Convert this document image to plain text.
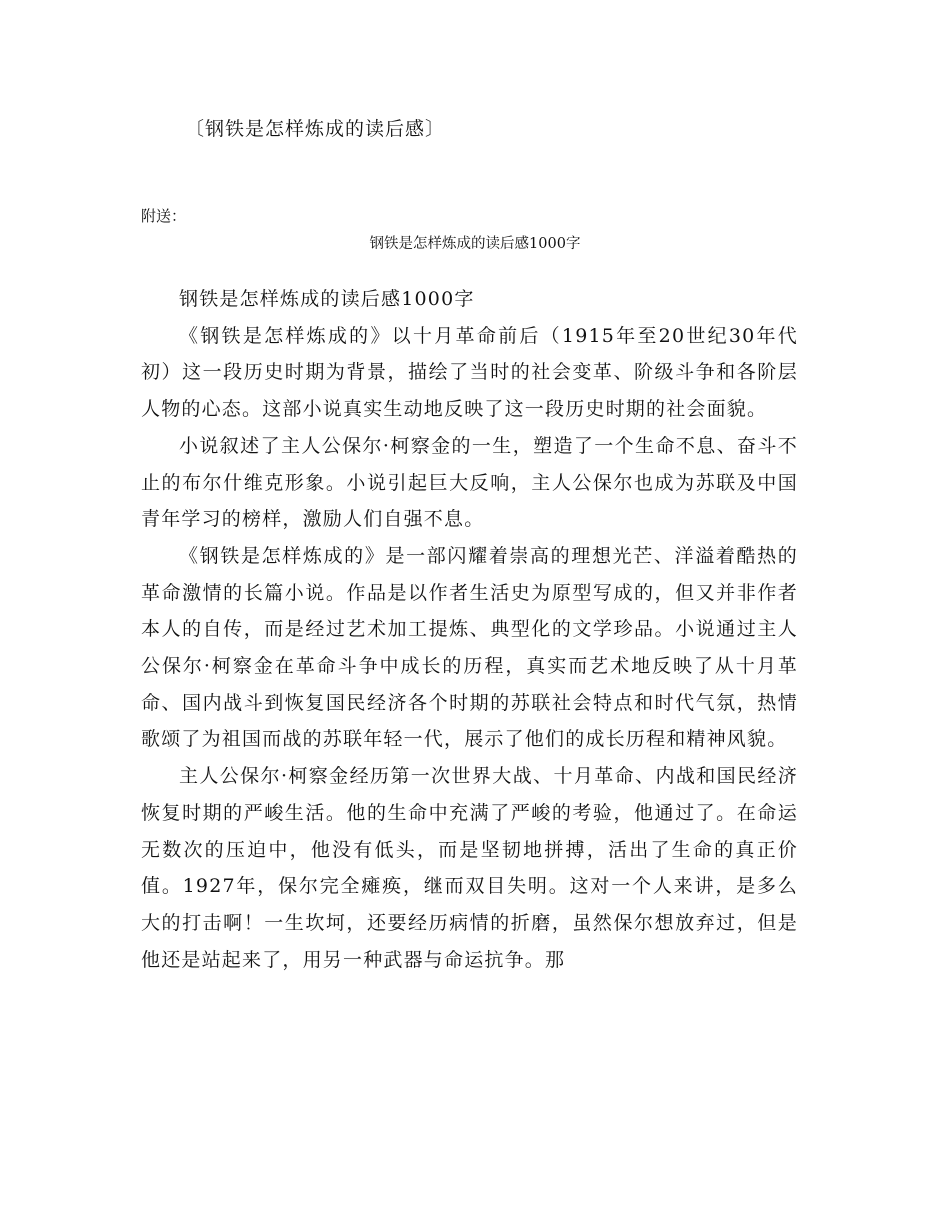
〔钢铁是怎样炼成的读后感〕
附送：
钢铁是怎样炼成的读后感1000字

钢铁是怎样炼成的读后感1000字

《钢铁是怎样炼成的》以十月革命前后（1915年至20世纪30年代初）这一段历史时期为背景，描绘了当时的社会变革、阶级斗争和各阶层人物的心态。这部小说真实生动地反映了这一段历史时期的社会面貌。

小说叙述了主人公保尔·柯察金的一生，塑造了一个生命不息、奋斗不止的布尔什维克形象。小说引起巨大反响，主人公保尔也成为苏联及中国青年学习的榜样，激励人们自强不息。

《钢铁是怎样炼成的》是一部闪耀着崇高的理想光芒、洋溢着酷热的革命激情的长篇小说。作品是以作者生活史为原型写成的，但又并非作者本人的自传，而是经过艺术加工提炼、典型化的文学珍品。小说通过主人公保尔·柯察金在革命斗争中成长的历程，真实而艺术地反映了从十月革命、国内战斗到恢复国民经济各个时期的苏联社会特点和时代气氛，热情歌颂了为祖国而战的苏联年轻一代，展示了他们的成长历程和精神风貌。

主人公保尔·柯察金经历第一次世界大战、十月革命、内战和国民经济恢复时期的严峻生活。他的生命中充满了严峻的考验，他通过了。在命运无数次的压迫中，他没有低头，而是坚韧地拼搏，活出了生命的真正价值。1927年，保尔完全瘫痪，继而双目失明。这对一个人来讲，是多么大的打击啊！一生坎坷，还要经历病情的折磨，虽然保尔想放弃过，但是他还是站起来了，用另一种武器与命运抗争。那
